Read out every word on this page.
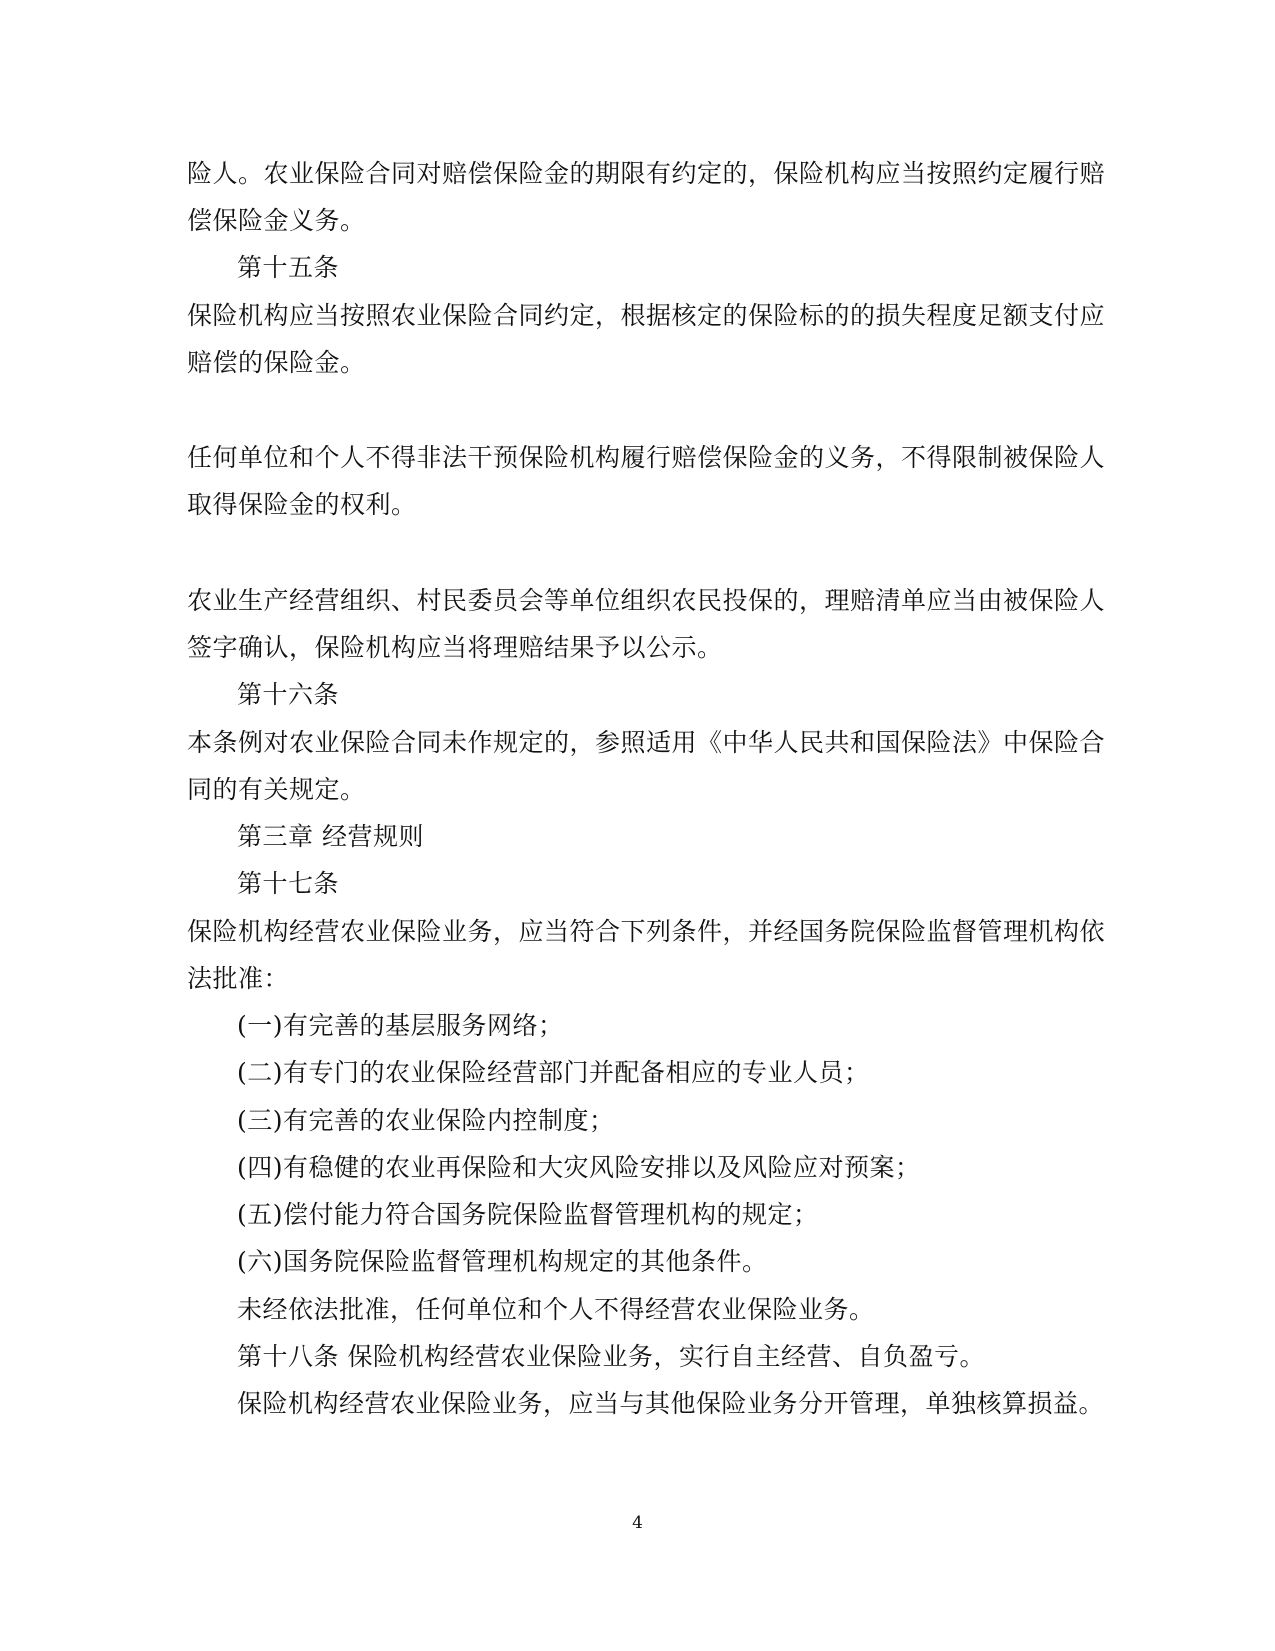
险人。农业保险合同对赔偿保险金的期限有约定的，保险机构应当按照约定履行赔
偿保险金义务。
第十五条
保险机构应当按照农业保险合同约定，根据核定的保险标的的损失程度足额支付应
赔偿的保险金。
任何单位和个人不得非法干预保险机构履行赔偿保险金的义务，不得限制被保险人
取得保险金的权利。
农业生产经营组织、村民委员会等单位组织农民投保的，理赔清单应当由被保险人
签字确认，保险机构应当将理赔结果予以公示。
第十六条
本条例对农业保险合同未作规定的，参照适用《中华人民共和国保险法》中保险合
同的有关规定。
第三章 经营规则
第十七条
保险机构经营农业保险业务，应当符合下列条件，并经国务院保险监督管理机构依
法批准：
(一)有完善的基层服务网络；
(二)有专门的农业保险经营部门并配备相应的专业人员；
(三)有完善的农业保险内控制度；
(四)有稳健的农业再保险和大灾风险安排以及风险应对预案；
(五)偿付能力符合国务院保险监督管理机构的规定；
(六)国务院保险监督管理机构规定的其他条件。
未经依法批准，任何单位和个人不得经营农业保险业务。
第十八条 保险机构经营农业保险业务，实行自主经营、自负盈亏。
保险机构经营农业保险业务，应当与其他保险业务分开管理，单独核算损益。
4
